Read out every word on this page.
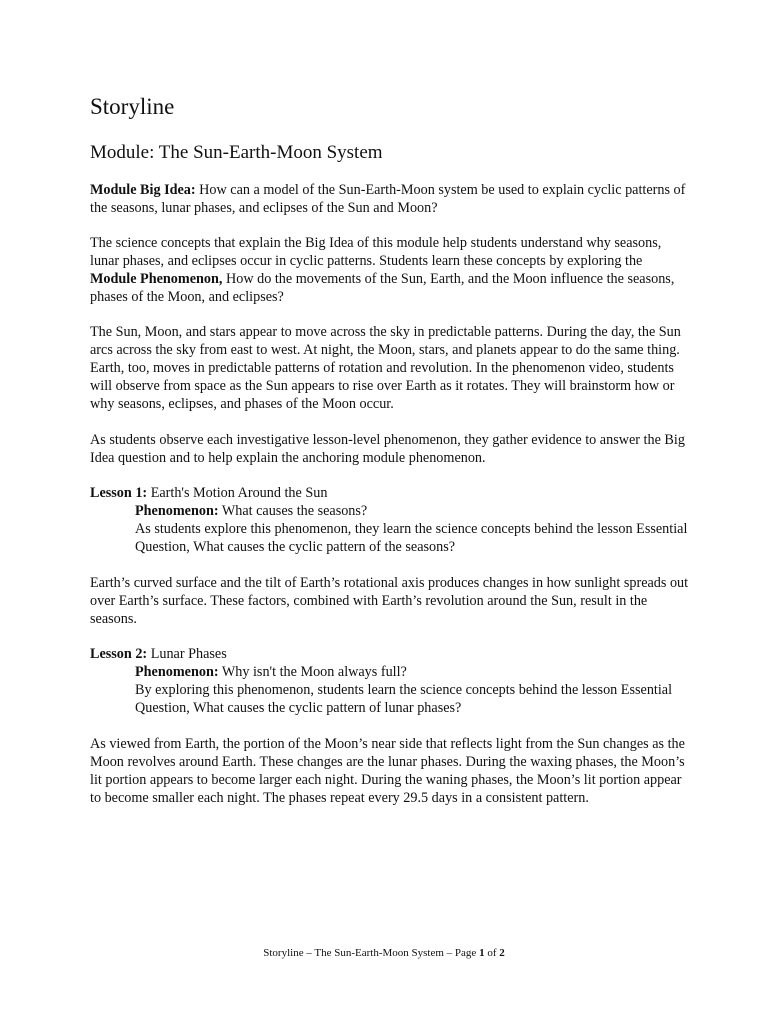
Storyline
Module: The Sun-Earth-Moon System

Module Big Idea: How can a model of the Sun-Earth-Moon system be used to explain cyclic patterns of the seasons, lunar phases, and eclipses of the Sun and Moon?

The science concepts that explain the Big Idea of this module help students understand why seasons, lunar phases, and eclipses occur in cyclic patterns. Students learn these concepts by exploring the Module Phenomenon, How do the movements of the Sun, Earth, and the Moon influence the seasons, phases of the Moon, and eclipses?

The Sun, Moon, and stars appear to move across the sky in predictable patterns. During the day, the Sun arcs across the sky from east to west. At night, the Moon, stars, and planets appear to do the same thing. Earth, too, moves in predictable patterns of rotation and revolution. In the phenomenon video, students will observe from space as the Sun appears to rise over Earth as it rotates. They will brainstorm how or why seasons, eclipses, and phases of the Moon occur.

As students observe each investigative lesson-level phenomenon, they gather evidence to answer the Big Idea question and to help explain the anchoring module phenomenon.

Lesson 1: Earth's Motion Around the Sun

Phenomenon: What causes the seasons?

As students explore this phenomenon, they learn the science concepts behind the lesson Essential Question, What causes the cyclic pattern of the seasons?

Earth’s curved surface and the tilt of Earth’s rotational axis produces changes in how sunlight spreads out over Earth’s surface. These factors, combined with Earth’s revolution around the Sun, result in the seasons.

Lesson 2: Lunar Phases

Phenomenon: Why isn't the Moon always full?

By exploring this phenomenon, students learn the science concepts behind the lesson Essential Question, What causes the cyclic pattern of lunar phases?

As viewed from Earth, the portion of the Moon’s near side that reflects light from the Sun changes as the Moon revolves around Earth. These changes are the lunar phases. During the waxing phases, the Moon’s lit portion appears to become larger each night. During the waning phases, the Moon’s lit portion appear to become smaller each night. The phases repeat every 29.5 days in a consistent pattern.

Storyline – The Sun-Earth-Moon System – Page 1 of 2
